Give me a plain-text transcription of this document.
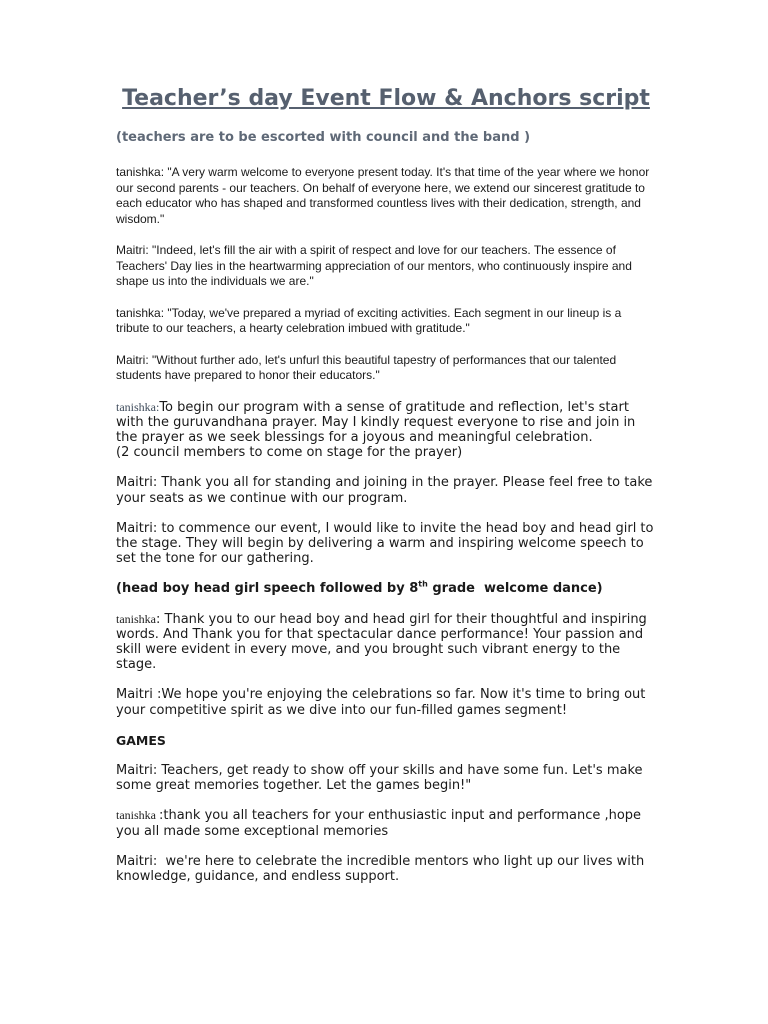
Teacher’s day Event Flow & Anchors script

(teachers are to be escorted with council and the band )

tanishka: "A very warm welcome to everyone present today. It's that time of the year where we honor our second parents - our teachers. On behalf of everyone here, we extend our sincerest gratitude to each educator who has shaped and transformed countless lives with their dedication, strength, and wisdom."

Maitri: "Indeed, let's fill the air with a spirit of respect and love for our teachers. The essence of Teachers' Day lies in the heartwarming appreciation of our mentors, who continuously inspire and shape us into the individuals we are."

tanishka: "Today, we've prepared a myriad of exciting activities. Each segment in our lineup is a tribute to our teachers, a hearty celebration imbued with gratitude."

Maitri: "Without further ado, let's unfurl this beautiful tapestry of performances that our talented students have prepared to honor their educators."

tanishka:To begin our program with a sense of gratitude and reflection, let's start with the guruvandhana prayer. May I kindly request everyone to rise and join in the prayer as we seek blessings for a joyous and meaningful celebration.
(2 council members to come on stage for the prayer)

Maitri: Thank you all for standing and joining in the prayer. Please feel free to take your seats as we continue with our program.

Maitri: to commence our event, I would like to invite the head boy and head girl to the stage. They will begin by delivering a warm and inspiring welcome speech to set the tone for our gathering.

(head boy head girl speech followed by 8th grade  welcome dance)

tanishka: Thank you to our head boy and head girl for their thoughtful and inspiring words. And Thank you for that spectacular dance performance! Your passion and skill were evident in every move, and you brought such vibrant energy to the stage.

Maitri :We hope you're enjoying the celebrations so far. Now it's time to bring out your competitive spirit as we dive into our fun-filled games segment!

GAMES

Maitri: Teachers, get ready to show off your skills and have some fun. Let's make some great memories together. Let the games begin!"

tanishka :thank you all teachers for your enthusiastic input and performance ,hope you all made some exceptional memories

Maitri:  we're here to celebrate the incredible mentors who light up our lives with knowledge, guidance, and endless support.
